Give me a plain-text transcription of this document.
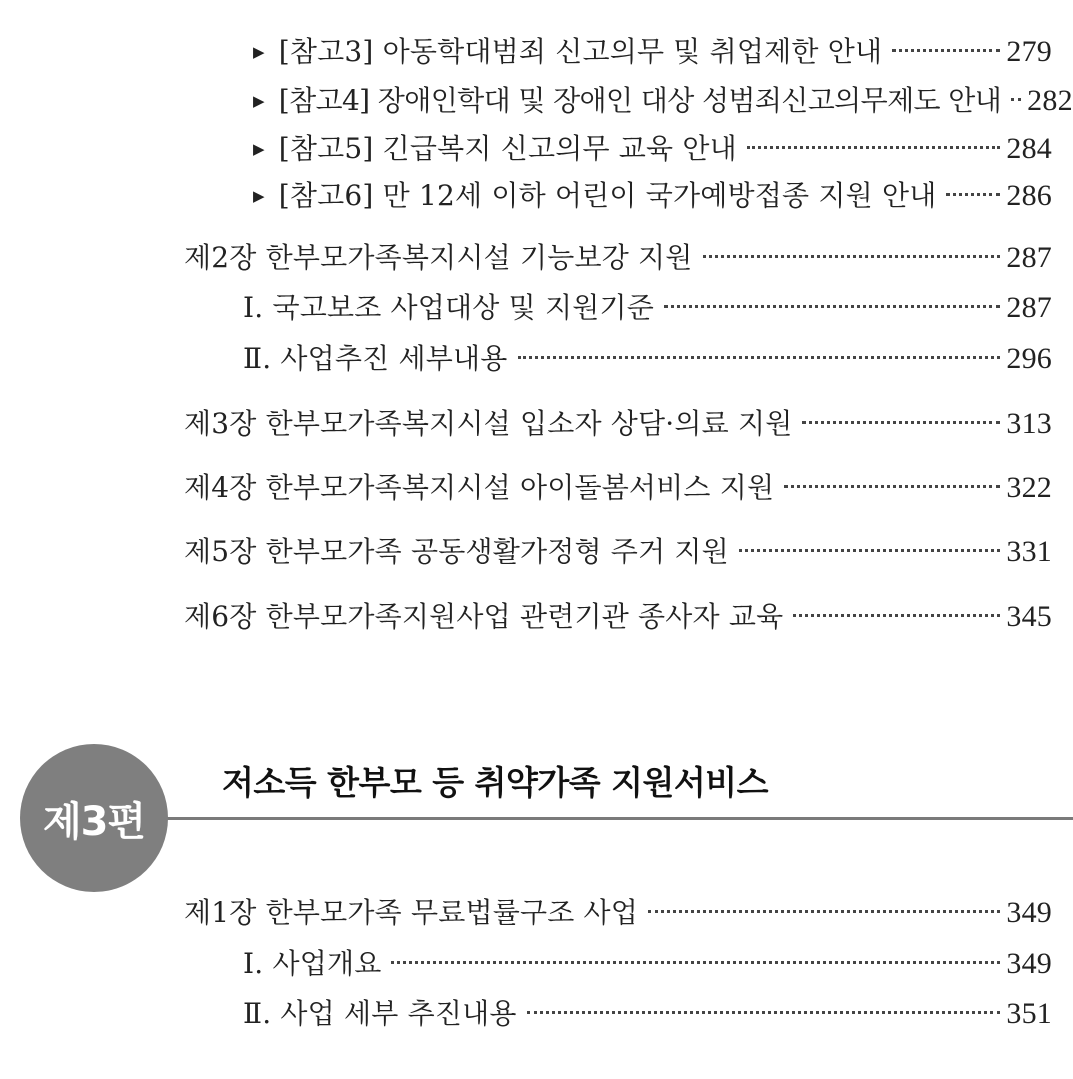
▶ [참고3] 아동학대범죄 신고의무 및 취업제한 안내	279
▶ [참고4] 장애인학대 및 장애인 대상 성범죄신고의무제도 안내 282
▶ [참고5] 긴급복지 신고의무 교육 안내	284
▶ [참고6] 만 12세 이하 어린이 국가예방접종 지원 안내 286
제2장 한부모가족복지시설 기능보강 지원	287
Ⅰ. 국고보조 사업대상 및 지원기준	287
Ⅱ. 사업추진 세부내용	296
제3장 한부모가족복지시설 입소자 상담·의료 지원	313
제4장 한부모가족복지시설 아이돌봄서비스 지원	322
제5장 한부모가족 공동생활가정형 주거 지원	331
제6장 한부모가족지원사업 관련기관 종사자 교육	345
제3편
저소득 한부모 등 취약가족 지원서비스
제1장 한부모가족 무료법률구조 사업	349
Ⅰ. 사업개요	349
Ⅱ. 사업 세부 추진내용	351
